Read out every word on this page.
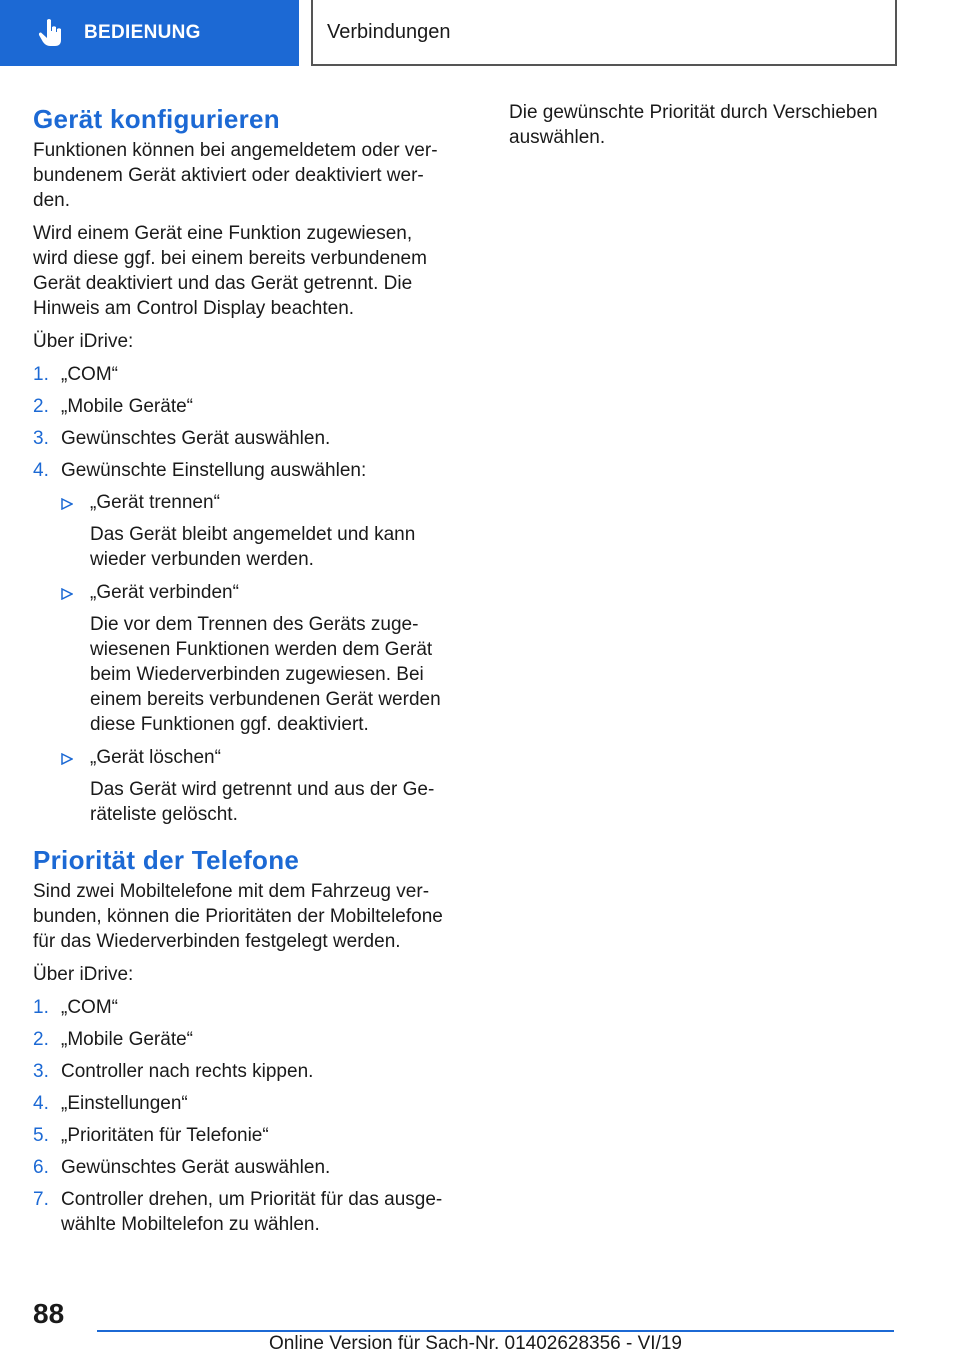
BEDIENUNG	Verbindungen
Gerät konfigurieren

Funktionen können bei angemeldetem oder verbundenem Gerät aktiviert oder deaktiviert werden.

Wird einem Gerät eine Funktion zugewiesen, wird diese ggf. bei einem bereits verbundenem Gerät deaktiviert und das Gerät getrennt. Die Hinweis am Control Display beachten.

Über iDrive:

1. „COM“
2. „Mobile Geräte“
3. Gewünschtes Gerät auswählen.
4. Gewünschte Einstellung auswählen:
„Gerät trennen“
Das Gerät bleibt angemeldet und kann wieder verbunden werden.
„Gerät verbinden“
Die vor dem Trennen des Geräts zugewiesenen Funktionen werden dem Gerät beim Wiederverbinden zugewiesen. Bei einem bereits verbundenen Gerät werden diese Funktionen ggf. deaktiviert.
„Gerät löschen“
Das Gerät wird getrennt und aus der Geräteliste gelöscht.
Priorität der Telefone

Sind zwei Mobiltelefone mit dem Fahrzeug verbunden, können die Prioritäten der Mobiltelefone für das Wiederverbinden festgelegt werden.

Über iDrive:

1. „COM“
2. „Mobile Geräte“
3. Controller nach rechts kippen.
4. „Einstellungen“
5. „Prioritäten für Telefonie“
6. Gewünschtes Gerät auswählen.
7. Controller drehen, um Priorität für das ausgewählte Mobiltelefon zu wählen.

Die gewünschte Priorität durch Verschieben auswählen.

88
Online Version für Sach-Nr. 01402628356 - VI/19
